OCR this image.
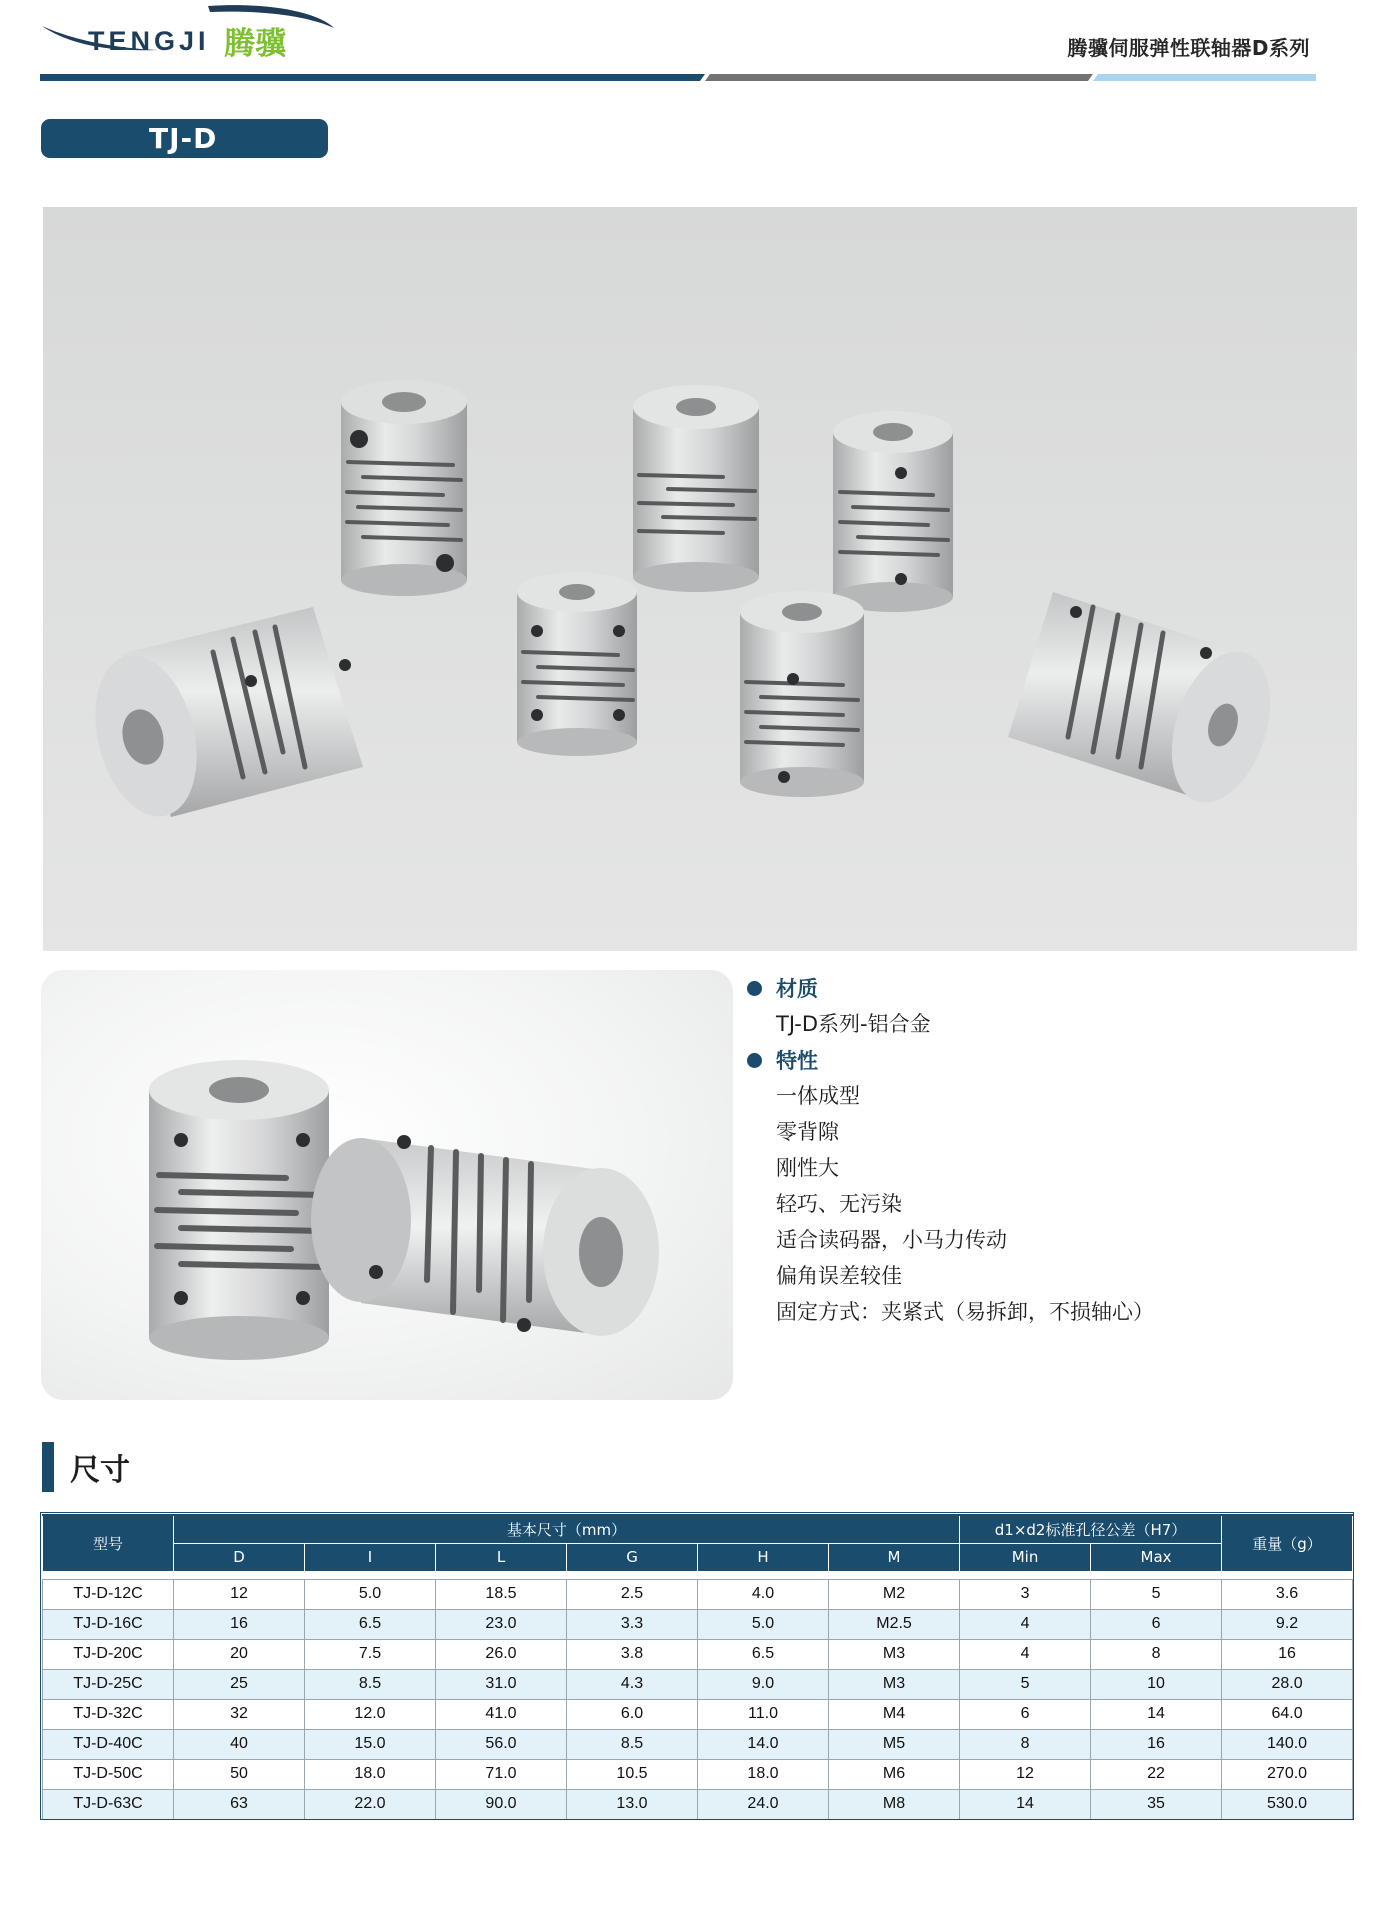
TENGJI 腾骥	腾骥伺服弹性联轴器D系列
TJ-D
材质
TJ-D系列-铝合金
特性
一体成型
零背隙
刚性大
轻巧、无污染
适合读码器，小马力传动
偏角误差较佳
固定方式：夹紧式（易拆卸，不损轴心）
尺寸
型号	基本尺寸（mm）						d1×d2标准孔径公差（H7）		重量（g）
	D	I	L	G	H	M	Min	Max	

TJ-D-12C	12	5.0	18.5	2.5	4.0	M2	3	5	3.6
TJ-D-16C	16	6.5	23.0	3.3	5.0	M2.5	4	6	9.2
TJ-D-20C	20	7.5	26.0	3.8	6.5	M3	4	8	16
TJ-D-25C	25	8.5	31.0	4.3	9.0	M3	5	10	28.0
TJ-D-32C	32	12.0	41.0	6.0	11.0	M4	6	14	64.0
TJ-D-40C	40	15.0	56.0	8.5	14.0	M5	8	16	140.0
TJ-D-50C	50	18.0	71.0	10.5	18.0	M6	12	22	270.0
TJ-D-63C	63	22.0	90.0	13.0	24.0	M8	14	35	530.0
